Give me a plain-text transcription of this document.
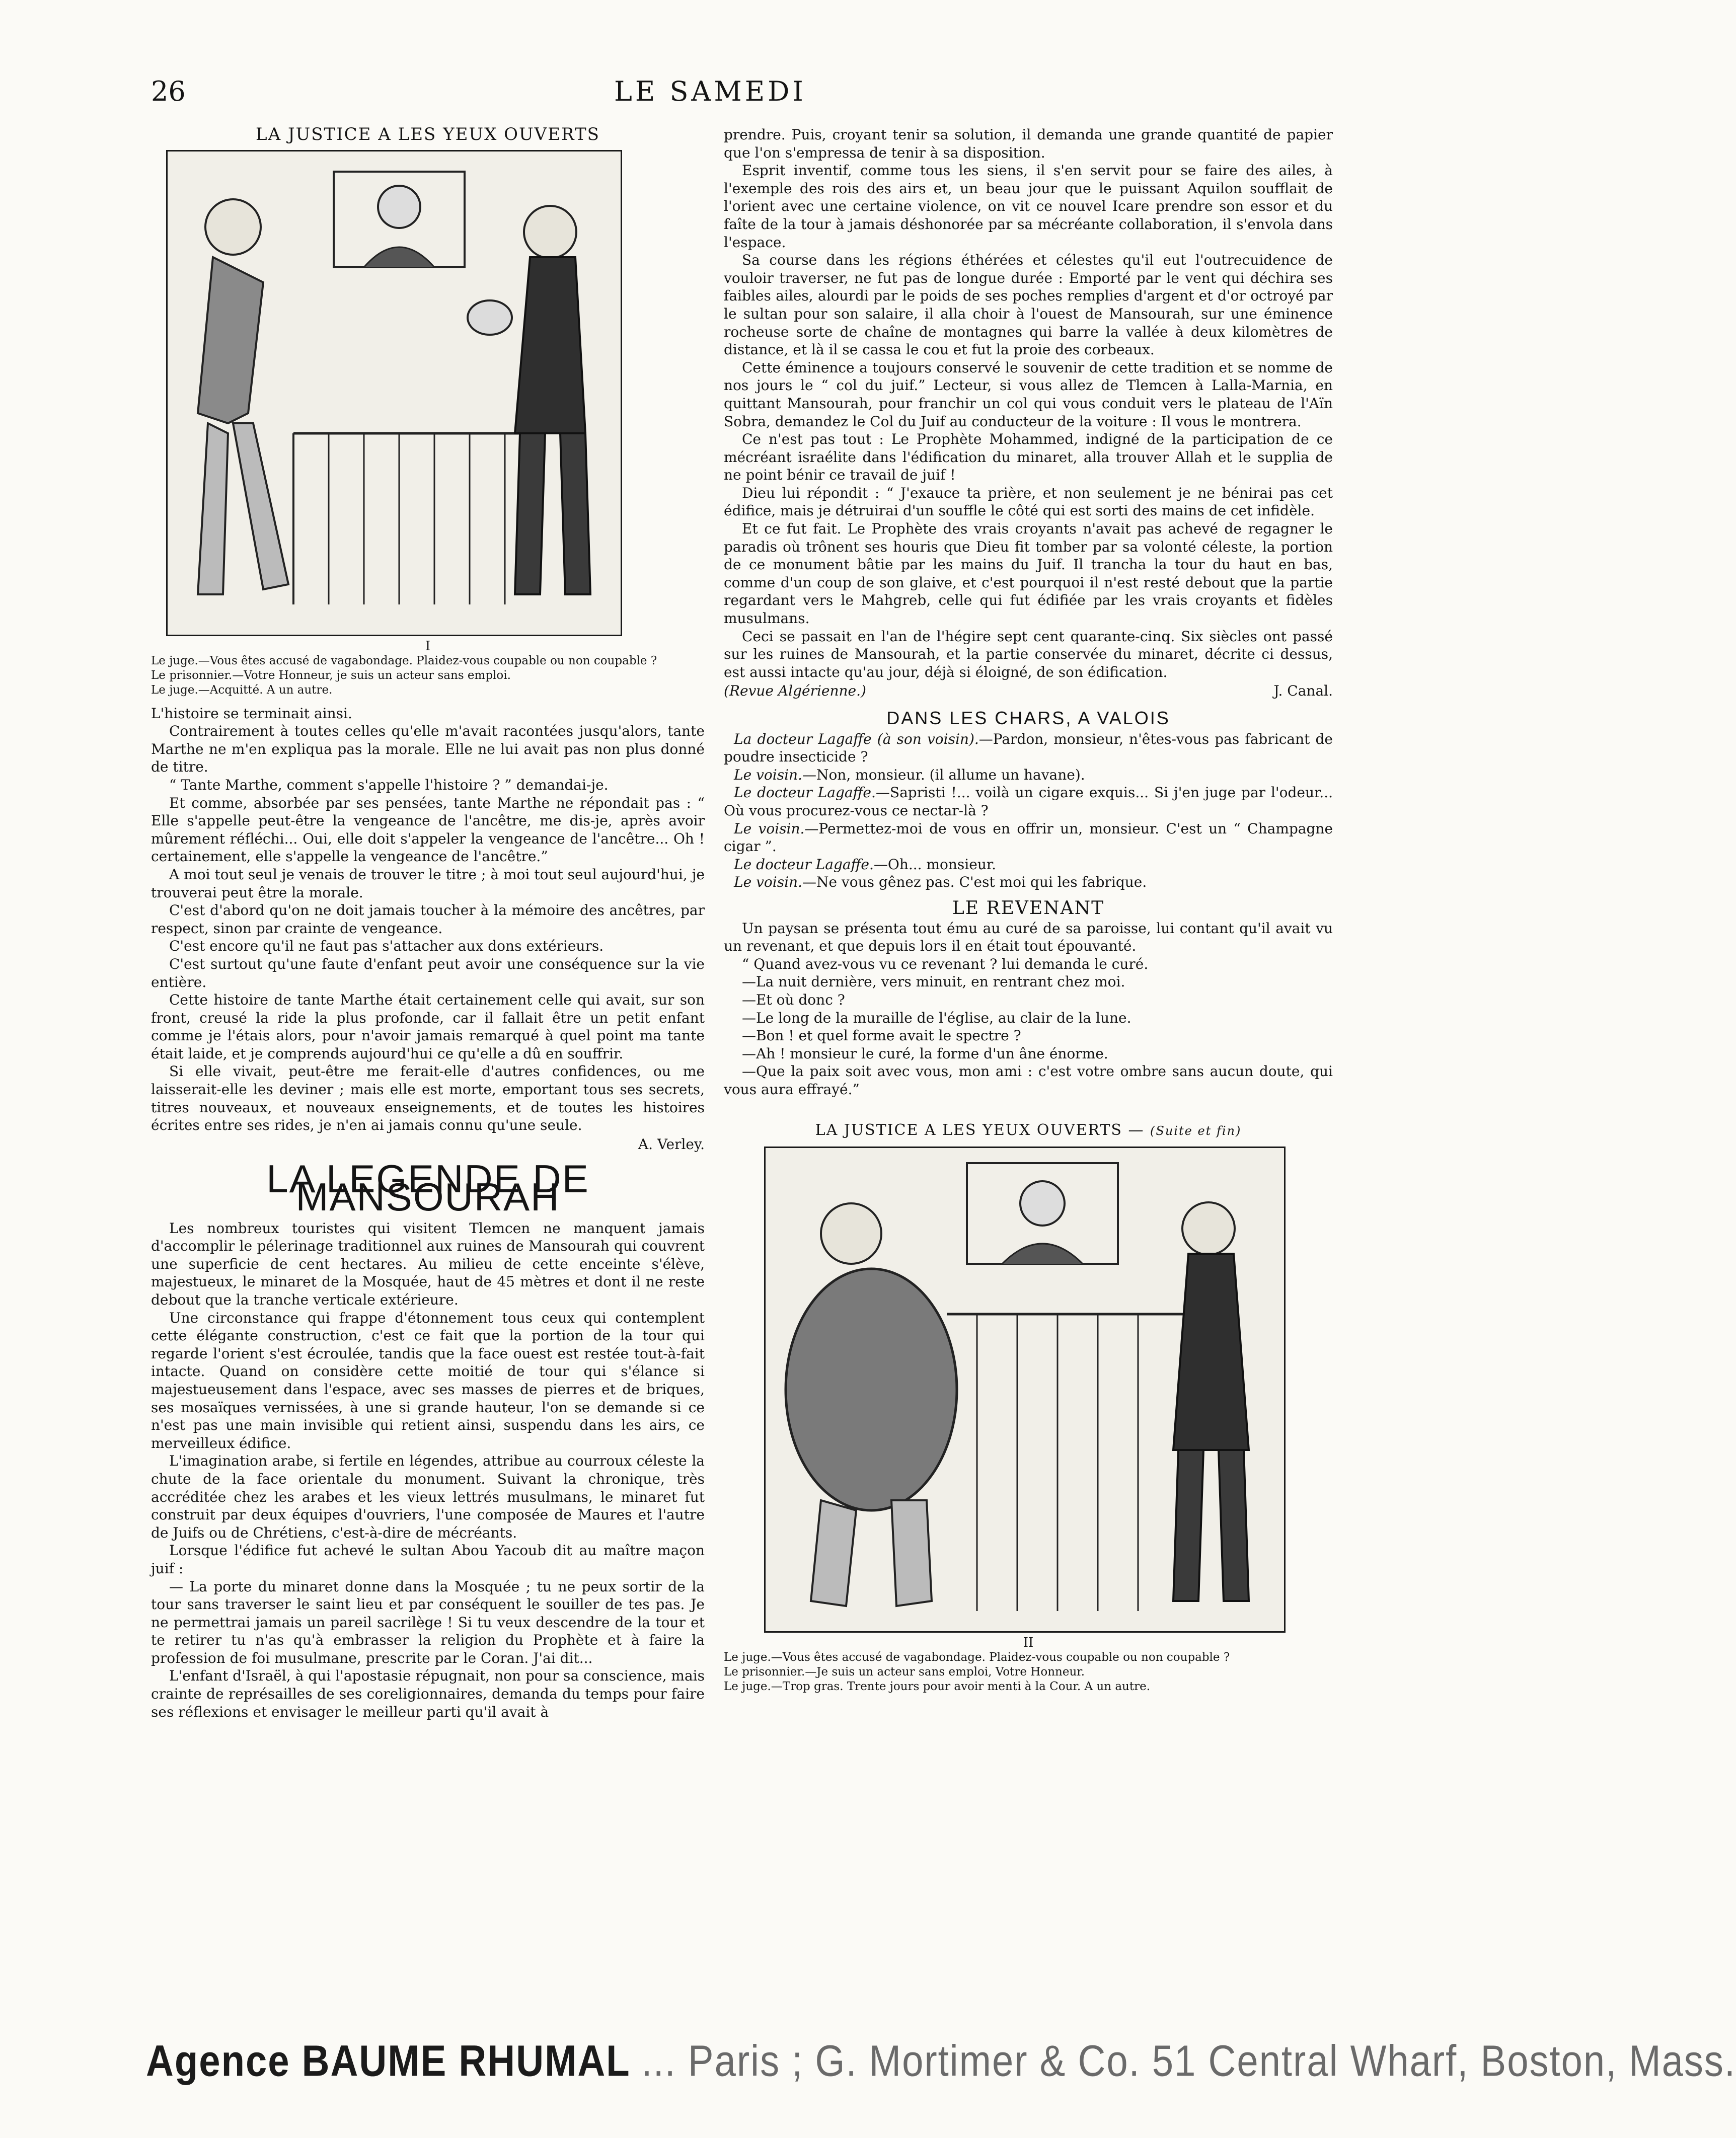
26	LE SAMEDI
LA JUSTICE A LES YEUX OUVERTS
I
Le juge.—Vous êtes accusé de vagabondage. Plaidez-vous coupable ou non coupable ?
Le prisonnier.—Votre Honneur, je suis un acteur sans emploi.
Le juge.—Acquitté. A un autre.

L'histoire se terminait ainsi.

Contrairement à toutes celles qu'elle m'avait racontées jusqu'alors, tante Marthe ne m'en expliqua pas la morale. Elle ne lui avait pas non plus donné de titre.

“ Tante Marthe, comment s'appelle l'histoire ? ” demandai-je.

Et comme, absorbée par ses pensées, tante Marthe ne répondait pas : “ Elle s'appelle peut-être la vengeance de l'ancêtre, me dis-je, après avoir mûrement réfléchi... Oui, elle doit s'appeler la vengeance de l'ancêtre... Oh ! certainement, elle s'appelle la vengeance de l'ancêtre.”

A moi tout seul je venais de trouver le titre ; à moi tout seul aujourd'hui, je trouverai peut être la morale.

C'est d'abord qu'on ne doit jamais toucher à la mémoire des ancêtres, par respect, sinon par crainte de vengeance.

C'est encore qu'il ne faut pas s'attacher aux dons extérieurs.

C'est surtout qu'une faute d'enfant peut avoir une conséquence sur la vie entière.

Cette histoire de tante Marthe était certainement celle qui avait, sur son front, creusé la ride la plus profonde, car il fallait être un petit enfant comme je l'étais alors, pour n'avoir jamais remarqué à quel point ma tante était laide, et je comprends aujourd'hui ce qu'elle a dû en souffrir.

Si elle vivait, peut-être me ferait-elle d'autres confidences, ou me laisserait-elle les deviner ; mais elle est morte, emportant tous ses secrets, titres nouveaux, et nouveaux enseignements, et de toutes les histoires écrites entre ses rides, je n'en ai jamais connu qu'une seule.

A. Verley.
LA LEGENDE DE MANSOURAH

Les nombreux touristes qui visitent Tlemcen ne manquent jamais d'accomplir le pélerinage traditionnel aux ruines de Mansourah qui couvrent une superficie de cent hectares. Au milieu de cette enceinte s'élève, majestueux, le minaret de la Mosquée, haut de 45 mètres et dont il ne reste debout que la tranche verticale extérieure.

Une circonstance qui frappe d'étonnement tous ceux qui contemplent cette élégante construction, c'est ce fait que la portion de la tour qui regarde l'orient s'est écroulée, tandis que la face ouest est restée tout-à-fait intacte. Quand on considère cette moitié de tour qui s'élance si majestueusement dans l'espace, avec ses masses de pierres et de briques, ses mosaïques vernissées, à une si grande hauteur, l'on se demande si ce n'est pas une main invisible qui retient ainsi, suspendu dans les airs, ce merveilleux édifice.

L'imagination arabe, si fertile en légendes, attribue au courroux céleste la chute de la face orientale du monument. Suivant la chronique, très accréditée chez les arabes et les vieux lettrés musulmans, le minaret fut construit par deux équipes d'ouvriers, l'une composée de Maures et l'autre de Juifs ou de Chrétiens, c'est-à-dire de mécréants.

Lorsque l'édifice fut achevé le sultan Abou Yacoub dit au maître maçon juif :

— La porte du minaret donne dans la Mosquée ; tu ne peux sortir de la tour sans traverser le saint lieu et par conséquent le souiller de tes pas. Je ne permettrai jamais un pareil sacrilège ! Si tu veux descendre de la tour et te retirer tu n'as qu'à embrasser la religion du Prophète et à faire la profession de foi musulmane, prescrite par le Coran. J'ai dit...

L'enfant d'Israël, à qui l'apostasie répugnait, non pour sa conscience, mais crainte de représailles de ses coreligionnaires, demanda du temps pour faire ses réflexions et envisager le meilleur parti qu'il avait à

prendre. Puis, croyant tenir sa solution, il demanda une grande quantité de papier que l'on s'empressa de tenir à sa disposition.

Esprit inventif, comme tous les siens, il s'en servit pour se faire des ailes, à l'exemple des rois des airs et, un beau jour que le puissant Aquilon soufflait de l'orient avec une certaine violence, on vit ce nouvel Icare prendre son essor et du faîte de la tour à jamais déshonorée par sa mécréante collaboration, il s'envola dans l'espace.

Sa course dans les régions éthérées et célestes qu'il eut l'outrecuidence de vouloir traverser, ne fut pas de longue durée : Emporté par le vent qui déchira ses faibles ailes, alourdi par le poids de ses poches remplies d'argent et d'or octroyé par le sultan pour son salaire, il alla choir à l'ouest de Mansourah, sur une éminence rocheuse sorte de chaîne de montagnes qui barre la vallée à deux kilomètres de distance, et là il se cassa le cou et fut la proie des corbeaux.

Cette éminence a toujours conservé le souvenir de cette tradition et se nomme de nos jours le “ col du juif.” Lecteur, si vous allez de Tlemcen à Lalla-Marnia, en quittant Mansourah, pour franchir un col qui vous conduit vers le plateau de l'Aïn Sobra, demandez le Col du Juif au conducteur de la voiture : Il vous le montrera.

Ce n'est pas tout : Le Prophète Mohammed, indigné de la participation de ce mécréant israélite dans l'édification du minaret, alla trouver Allah et le supplia de ne point bénir ce travail de juif !

Dieu lui répondit : “ J'exauce ta prière, et non seulement je ne bénirai pas cet édifice, mais je détruirai d'un souffle le côté qui est sorti des mains de cet infidèle.

Et ce fut fait. Le Prophète des vrais croyants n'avait pas achevé de regagner le paradis où trônent ses houris que Dieu fit tomber par sa volonté céleste, la portion de ce monument bâtie par les mains du Juif. Il trancha la tour du haut en bas, comme d'un coup de son glaive, et c'est pourquoi il n'est resté debout que la partie regardant vers le Mahgreb, celle qui fut édifiée par les vrais croyants et fidèles musulmans.

Ceci se passait en l'an de l'hégire sept cent quarante-cinq. Six siècles ont passé sur les ruines de Mansourah, et la partie conservée du minaret, décrite ci dessus, est aussi intacte qu'au jour, déjà si éloigné, de son édification.

(Revue Algérienne.)	J. Canal.
DANS LES CHARS, A VALOIS

La docteur Lagaffe (à son voisin).—Pardon, monsieur, n'êtes-vous pas fabricant de poudre insecticide ?

Le voisin.—Non, monsieur. (il allume un havane).

Le docteur Lagaffe.—Sapristi !... voilà un cigare exquis... Si j'en juge par l'odeur... Où vous procurez-vous ce nectar-là ?

Le voisin.—Permettez-moi de vous en offrir un, monsieur. C'est un “ Champagne cigar ”.

Le docteur Lagaffe.—Oh... monsieur.

Le voisin.—Ne vous gênez pas. C'est moi qui les fabrique.

LE REVENANT

Un paysan se présenta tout ému au curé de sa paroisse, lui contant qu'il avait vu un revenant, et que depuis lors il en était tout épouvanté.

“ Quand avez-vous vu ce revenant ? lui demanda le curé.

—La nuit dernière, vers minuit, en rentrant chez moi.

—Et où donc ?

—Le long de la muraille de l'église, au clair de la lune.

—Bon ! et quel forme avait le spectre ?

—Ah ! monsieur le curé, la forme d'un âne énorme.

—Que la paix soit avec vous, mon ami : c'est votre ombre sans aucun doute, qui vous aura effrayé.”

LA JUSTICE A LES YEUX OUVERTS — (Suite et fin)
II
Le juge.—Vous êtes accusé de vagabondage. Plaidez-vous coupable ou non coupable ?
Le prisonnier.—Je suis un acteur sans emploi, Votre Honneur.
Le juge.—Trop gras. Trente jours pour avoir menti à la Cour. A un autre.
Agence BAUME RHUMAL ... Paris ; G. Mortimer & Co. 51 Central Wharf, Boston, Mass.
